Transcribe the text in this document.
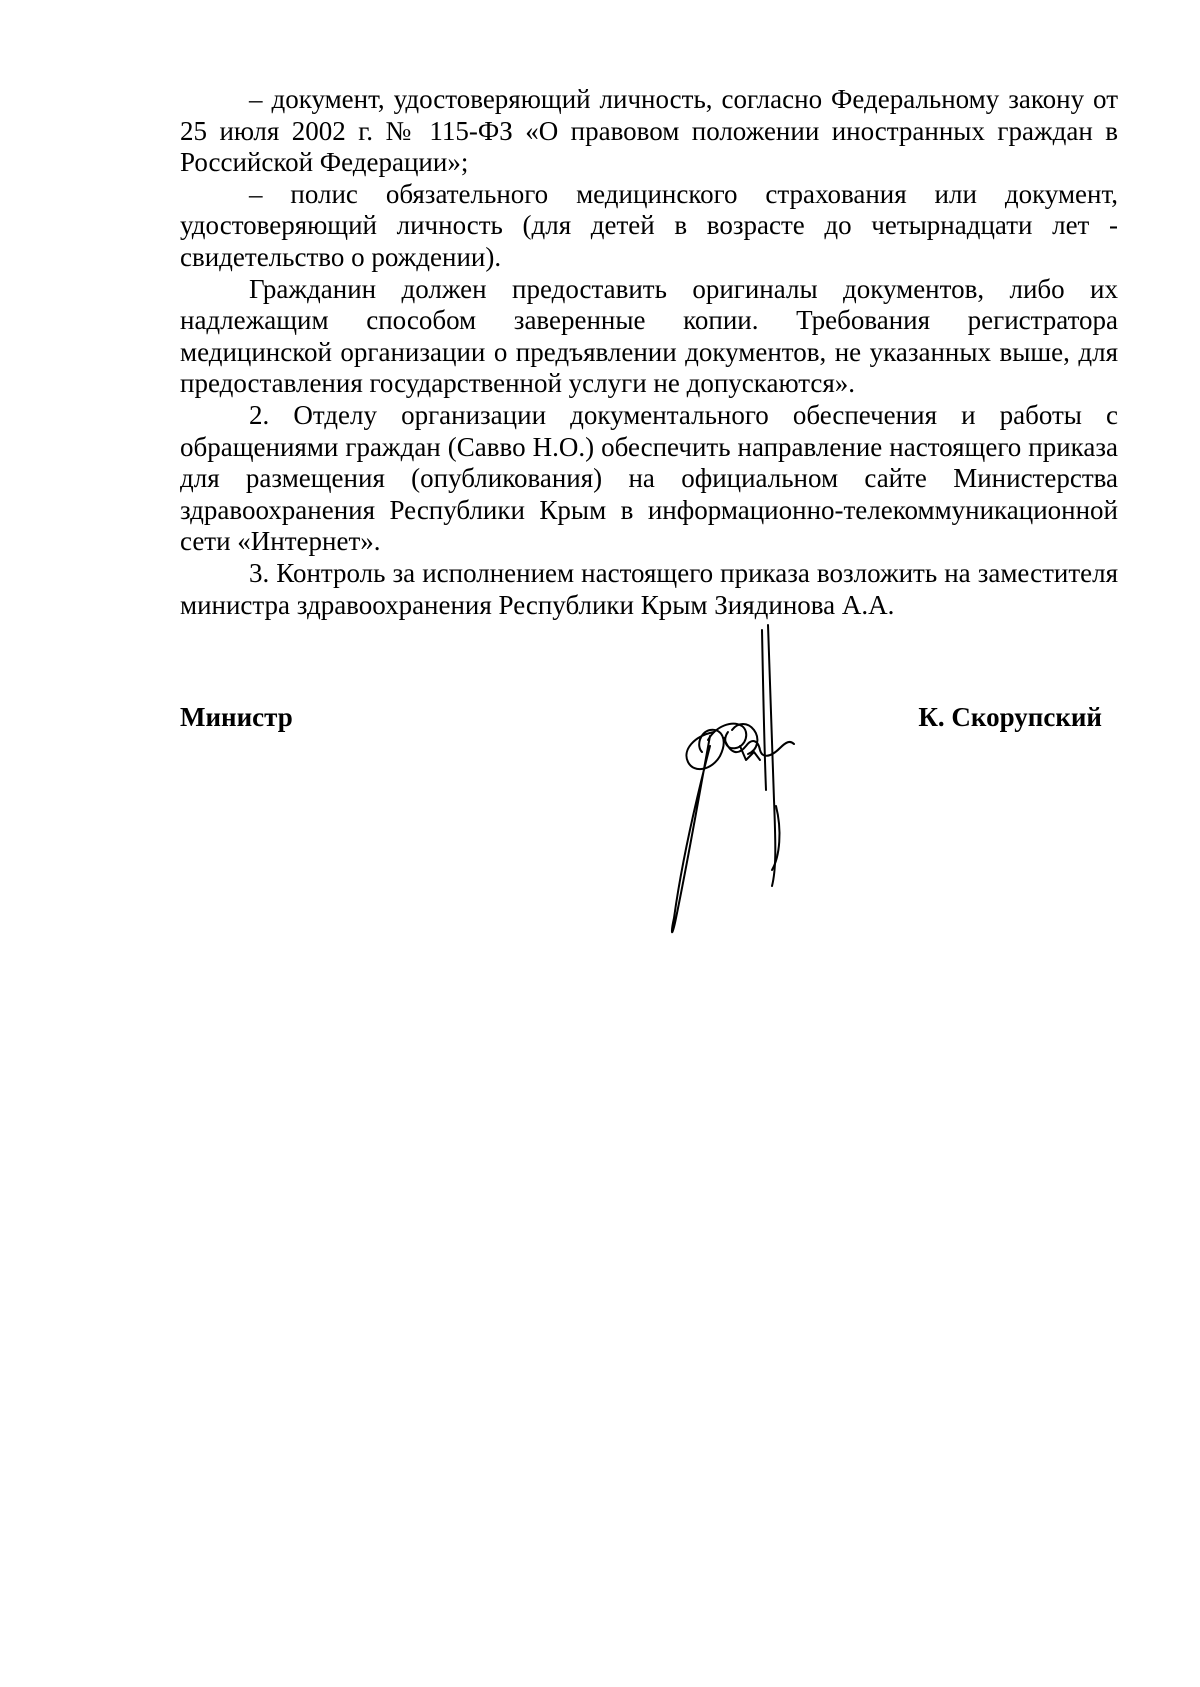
– документ, удостоверяющий личность, согласно Федеральному закону от 25 июля 2002 г. № 115-ФЗ «О правовом положении иностранных граждан в Российской Федерации»;

– полис обязательного медицинского страхования или документ, удостоверяющий личность (для детей в возрасте до четырнадцати лет - свидетельство о рождении).

Гражданин должен предоставить оригиналы документов, либо их надлежащим способом заверенные копии. Требования регистратора медицинской организации о предъявлении документов, не указанных выше, для предоставления государственной услуги не допускаются».

2. Отделу организации документального обеспечения и работы с обращениями граждан (Савво Н.О.) обеспечить направление настоящего приказа для размещения (опубликования) на официальном сайте Министерства здравоохранения Республики Крым в информационно-телекоммуникационной сети «Интернет».

3. Контроль за исполнением настоящего приказа возложить на заместителя министра здравоохранения Республики Крым Зиядинова А.А.

Министр	К. Скорупский
